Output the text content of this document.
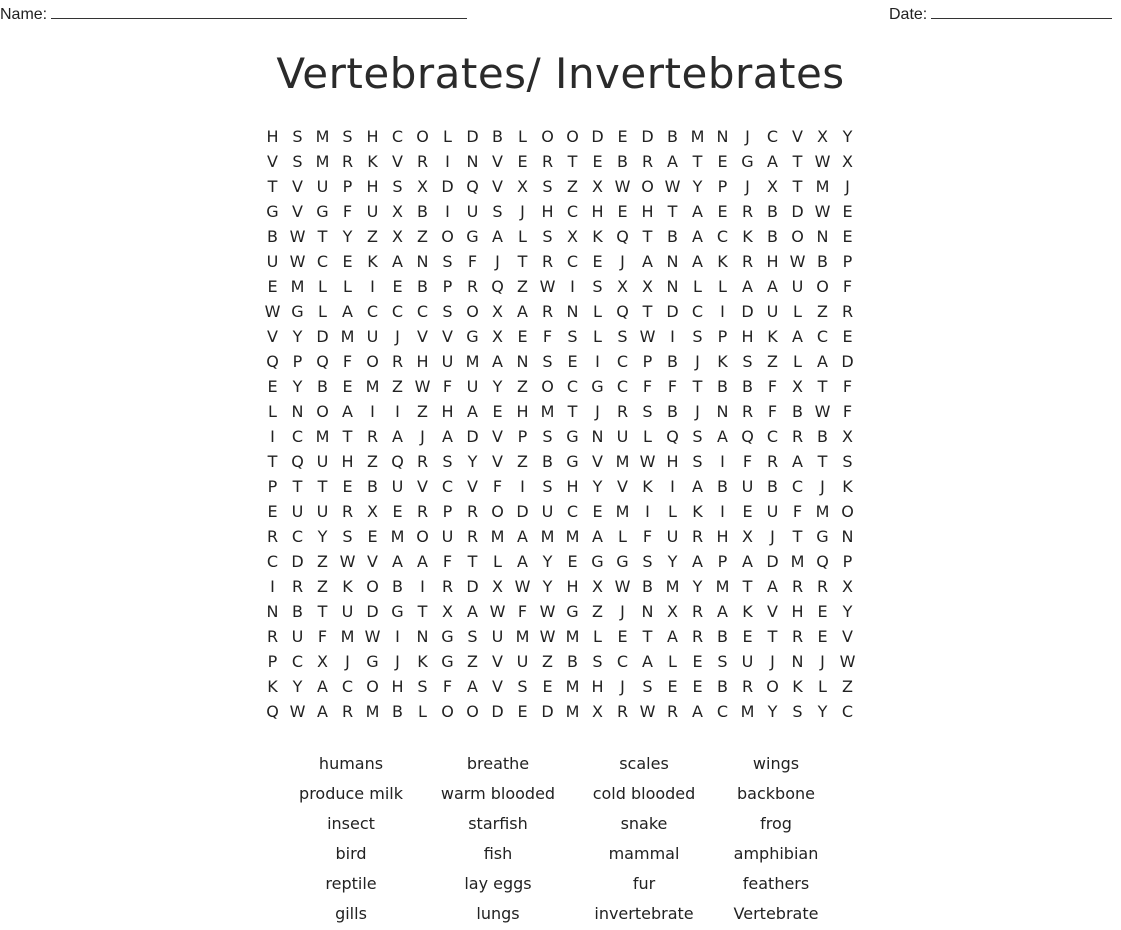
Name:	Date:
Vertebrates/ Invertebrates
H S M S H C O L D B L O O D E D B M N	J	C V X Y
V S M R K V R	I	N V E R T E B R A T E G A T W X
T V U P H S X D Q V X S Z X W O W Y P	J	X T M J
G V G F U X B	I	U S	J	H C H E H T A E R B D W E
B W T Y Z X Z O G A L S X K Q T B A C K B O N E
U W C E K A N S F	J	T R C E	J	A N A K R H W B P
E M L	L	I	E B P R Q Z W I	S X X N L	L A A U O F
W G L A C C C S O X A R N L Q T D C	I	D U L Z R
V Y D M U	J	V V G X E F S L S W I	S P H K A C E
Q P Q F O R H U M A N S E	I	C P B	J	K S Z L A D
E Y B E M Z W F U Y Z O C G C F F T B B F X T F
L N O A	I	I	Z H A E H M T	J	R S B	J	N R F B W F
I	C M T R A	J	A D V P S G N U L Q S A Q C R B X
T Q U H Z Q R S Y V Z B G V M W H S	I	F R A T S
P T T E B U V C V F	I	S H Y V K	I	A B U B C	J	K
E U U R X E R P R O D U C E M I	L K	I	E U F M O
R C Y S E M O U R M A M M A L F U R H X	J	T G N
C D Z W V A A F T L A Y E G G S Y A P A D M Q P
I	R Z K O B	I	R D X W Y H X W B M Y M T A R R X
N B T U D G T X A W F W G Z	J	N X R A K V H E Y
R U F M W I	N G S U M W M L E T A R B E T R E V
P C X	J	G	J	K G Z V U Z B S C A L E S U	J	N	J W
K Y A C O H S F A V S E M H	J	S E E B R O K L Z
Q W A R M B L O O D E D M X R W R A C M Y S Y C
humans	breathe	scales	wings
produce milk	warm blooded	cold blooded	backbone
insect	starfish	snake	frog
bird	fish	mammal	amphibian
reptile	lay eggs	fur	feathers
gills	lungs	invertebrate	Vertebrate
